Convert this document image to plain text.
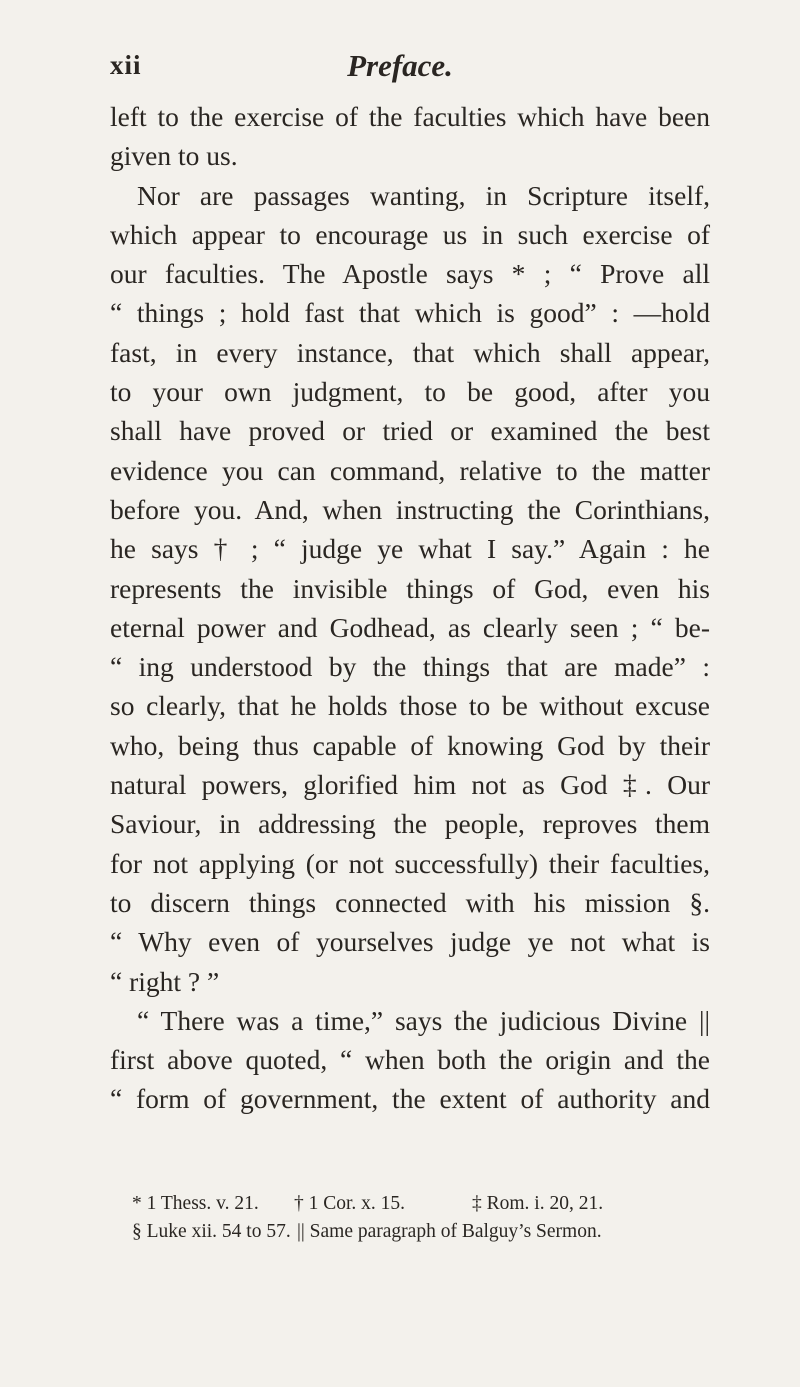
xii	Preface.
left to the exercise of the faculties which have been
given to us.
Nor are passages wanting, in Scripture itself,
which appear to encourage us in such exercise of
our faculties. The Apostle says * ; “ Prove all
“ things ; hold fast that which is good” : —hold
fast, in every instance, that which shall appear,
to your own judgment, to be good, after you
shall have proved or tried or examined the best
evidence you can command, relative to the matter
before you. And, when instructing the Corinthians,
he says † ; “ judge ye what I say.” Again : he
represents the invisible things of God, even his
eternal power and Godhead, as clearly seen ; “ be-
“ ing understood by the things that are made” :
so clearly, that he holds those to be without excuse
who, being thus capable of knowing God by their
natural powers, glorified him not as God ‡. Our
Saviour, in addressing the people, reproves them
for not applying (or not successfully) their faculties,
to discern things connected with his mission §.
“ Why even of yourselves judge ye not what is
“ right ? ”
“ There was a time,” says the judicious Divine ||
first above quoted, “ when both the origin and the
“ form of government, the extent of authority and
* 1 Thess. v. 21. † 1 Cor. x. 15.	‡ Rom. i. 20, 21.
§ Luke xii. 54 to 57. || Same paragraph of Balguy’s Sermon.
